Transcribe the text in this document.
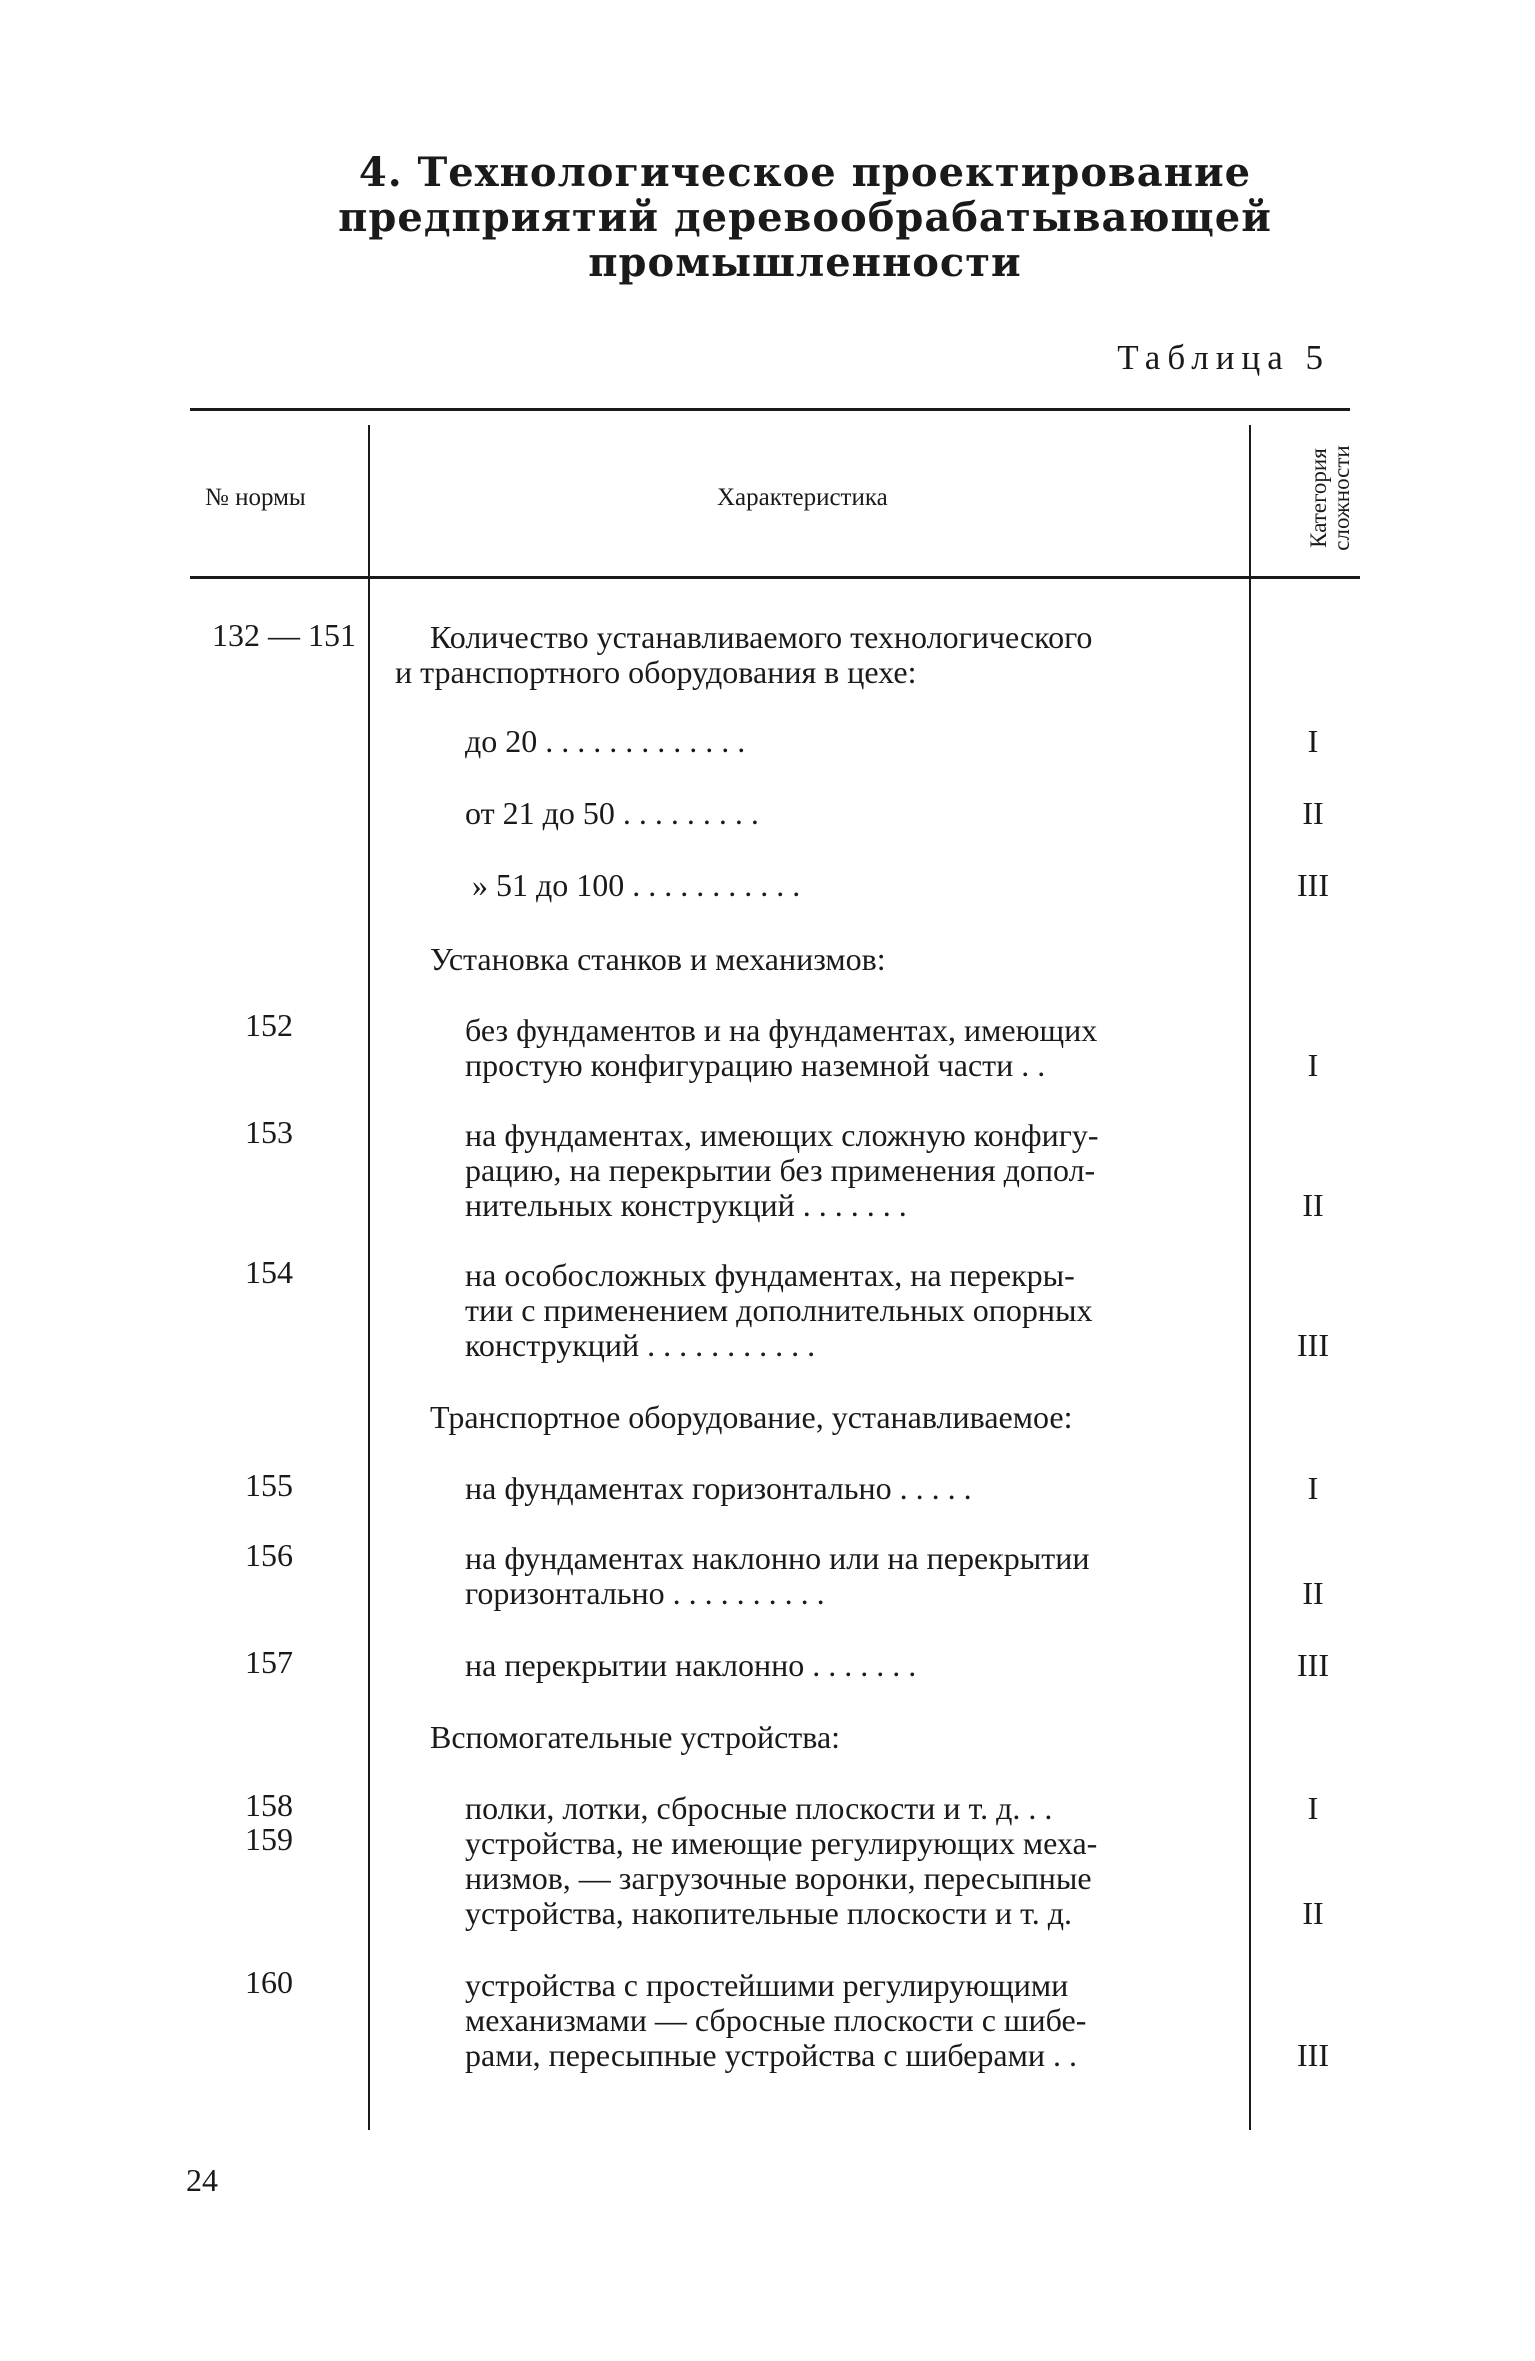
4. Технологическое проектирование
предприятий деревообрабатывающей
промышленности
Таблица 5
№ нормы	Характеристика	Категория
сложности
132 — 151 Количество устанавливаемого технологического
и транспортного оборудования в цехе:
до 20 . . . . . . . . . . . . .	I
от 21 до 50 . . . . . . . . .	II
» 51 до 100 . . . . . . . . . . .	III
Установка станков и механизмов:
152	без фундаментов и на фундаментах, имеющих
простую конфигурацию наземной части . .	I
153	на фундаментах, имеющих сложную конфигу-
рацию, на перекрытии без применения допол-
нительных конструкций . . . . . . .	II
154	на особосложных фундаментах, на перекры-
тии с применением дополнительных опорных
конструкций . . . . . . . . . . .	III
Транспортное оборудование, устанавливаемое:
155	на фундаментах горизонтально . . . . .	I
156	на фундаментах наклонно или на перекрытии
горизонтально . . . . . . . . . .	II
157	на перекрытии наклонно . . . . . . .	III
Вспомогательные устройства:
158	полки, лотки, сбросные плоскости и т. д. . .	I
159	устройства, не имеющие регулирующих меха-
низмов, — загрузочные воронки, пересыпные
устройства, накопительные плоскости и т. д.	II
160	устройства с простейшими регулирующими
механизмами — сбросные плоскости с шибе-
рами, пересыпные устройства с шиберами . .	III
24
